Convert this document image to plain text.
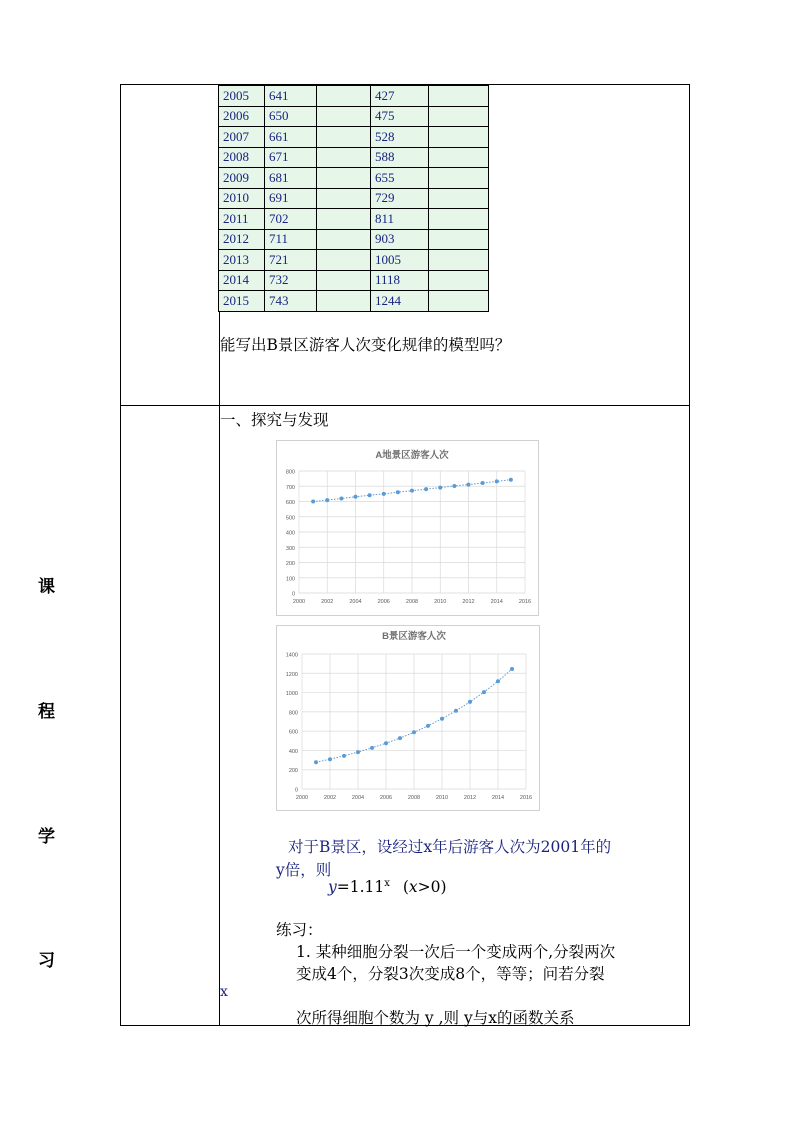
课
程
学
习
2005	641		427	
2006	650		475	
2007	661		528	
2008	671		588	
2009	681		655	
2010	691		729	
2011	702		811	
2012	711		903	
2013	721		1005	
2014	732		1118	
2015	743		1244	
能写出B景区游客人次变化规律的模型吗？
一、探究与发现
A地景区游客人次
0
100
200
300
400
500
600
700
800
2000	2002	2004	2006	2008	2010	2012	2014	2016
B景区游客人次
0
200
400
600
800
1000
1200
1400
2000	2002	2004	2006	2008	2010	2012	2014	2016
对于B景区，设经过x年后游客人次为2001年的
y倍，则
$y=1.11^x$ (x>0)
练习：
1. 某种细胞分裂一次后一个变成两个,分裂两次
变成4个，分裂3次变成8个，等等；问若分裂
x
次所得细胞个数为 y ,则 y与x的函数关系
